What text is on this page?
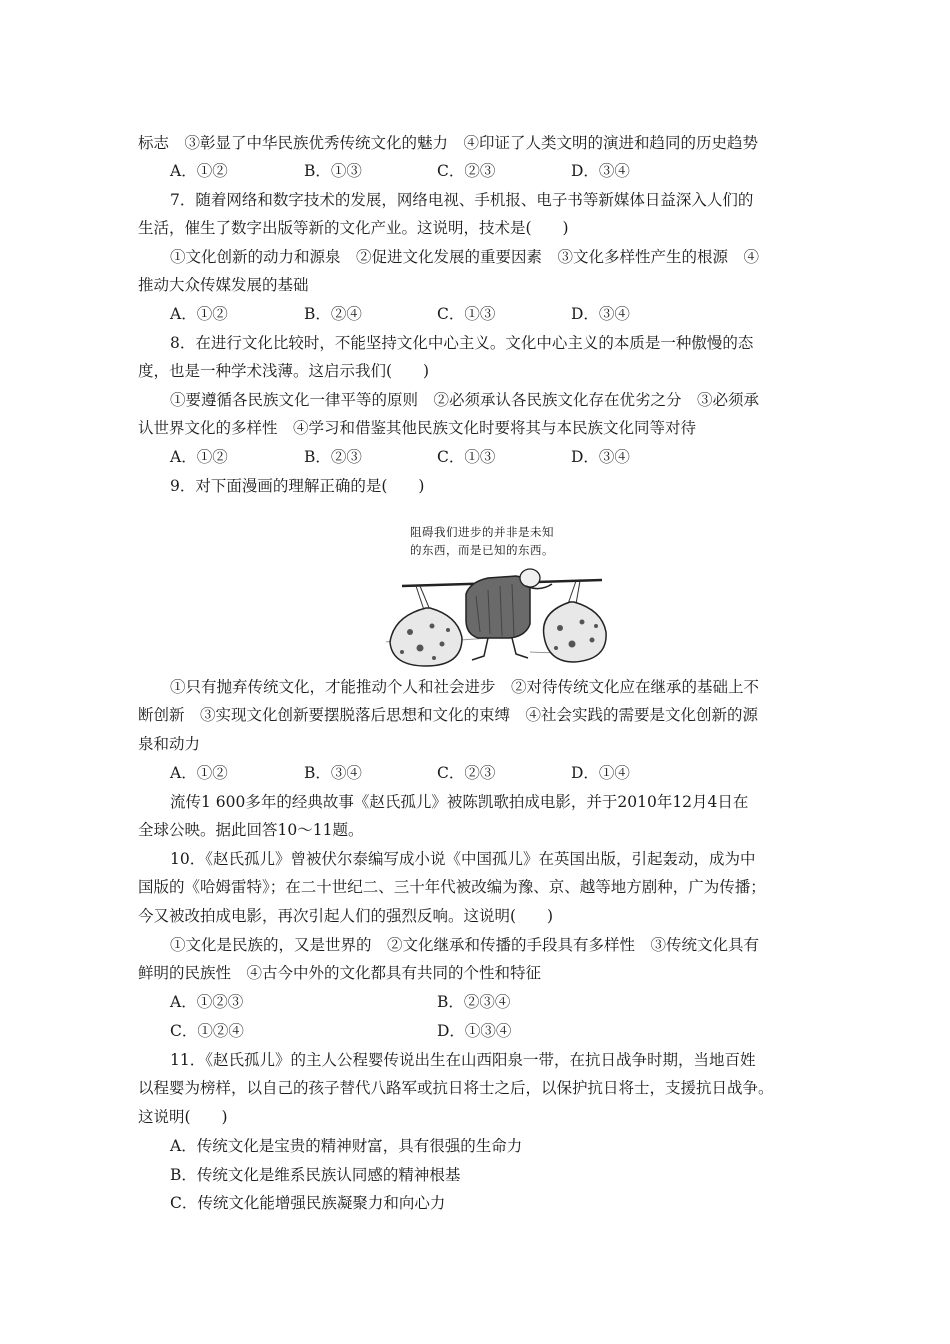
标志　③彰显了中华民族优秀传统文化的魅力　④印证了人类文明的演进和趋同的历史趋势
A．①②	B．①③	C．②③	D．③④
7．随着网络和数字技术的发展，网络电视、手机报、电子书等新媒体日益深入人们的
生活，催生了数字出版等新的文化产业。这说明，技术是(　　)
①文化创新的动力和源泉　②促进文化发展的重要因素　③文化多样性产生的根源　④
推动大众传媒发展的基础
A．①②	B．②④	C．①③	D．③④
8．在进行文化比较时，不能坚持文化中心主义。文化中心主义的本质是一种傲慢的态
度，也是一种学术浅薄。这启示我们(　　)
①要遵循各民族文化一律平等的原则　②必须承认各民族文化存在优劣之分　③必须承
认世界文化的多样性　④学习和借鉴其他民族文化时要将其与本民族文化同等对待
A．①②	B．②③	C．①③	D．③④
9．对下面漫画的理解正确的是(　　)
阻碍我们进步的并非是未知
的东西，而是已知的东西。
①只有抛弃传统文化，才能推动个人和社会进步　②对待传统文化应在继承的基础上不
断创新　③实现文化创新要摆脱落后思想和文化的束缚　④社会实践的需要是文化创新的源
泉和动力
A．①②	B．③④	C．②③	D．①④
流传1 600多年的经典故事《赵氏孤儿》被陈凯歌拍成电影，并于2010年12月4日在
全球公映。据此回答10～11题。
10．《赵氏孤儿》曾被伏尔泰编写成小说《中国孤儿》在英国出版，引起轰动，成为中
国版的《哈姆雷特》；在二十世纪二、三十年代被改编为豫、京、越等地方剧种，广为传播；
今又被改拍成电影，再次引起人们的强烈反响。这说明(　　)
①文化是民族的，又是世界的　②文化继承和传播的手段具有多样性　③传统文化具有
鲜明的民族性　④古今中外的文化都具有共同的个性和特征
A．①②③	B．②③④
C．①②④	D．①③④
11．《赵氏孤儿》的主人公程婴传说出生在山西阳泉一带，在抗日战争时期，当地百姓
以程婴为榜样，以自己的孩子替代八路军或抗日将士之后，以保护抗日将士，支援抗日战争。
这说明(　　)
A．传统文化是宝贵的精神财富，具有很强的生命力
B．传统文化是维系民族认同感的精神根基
C．传统文化能增强民族凝聚力和向心力
